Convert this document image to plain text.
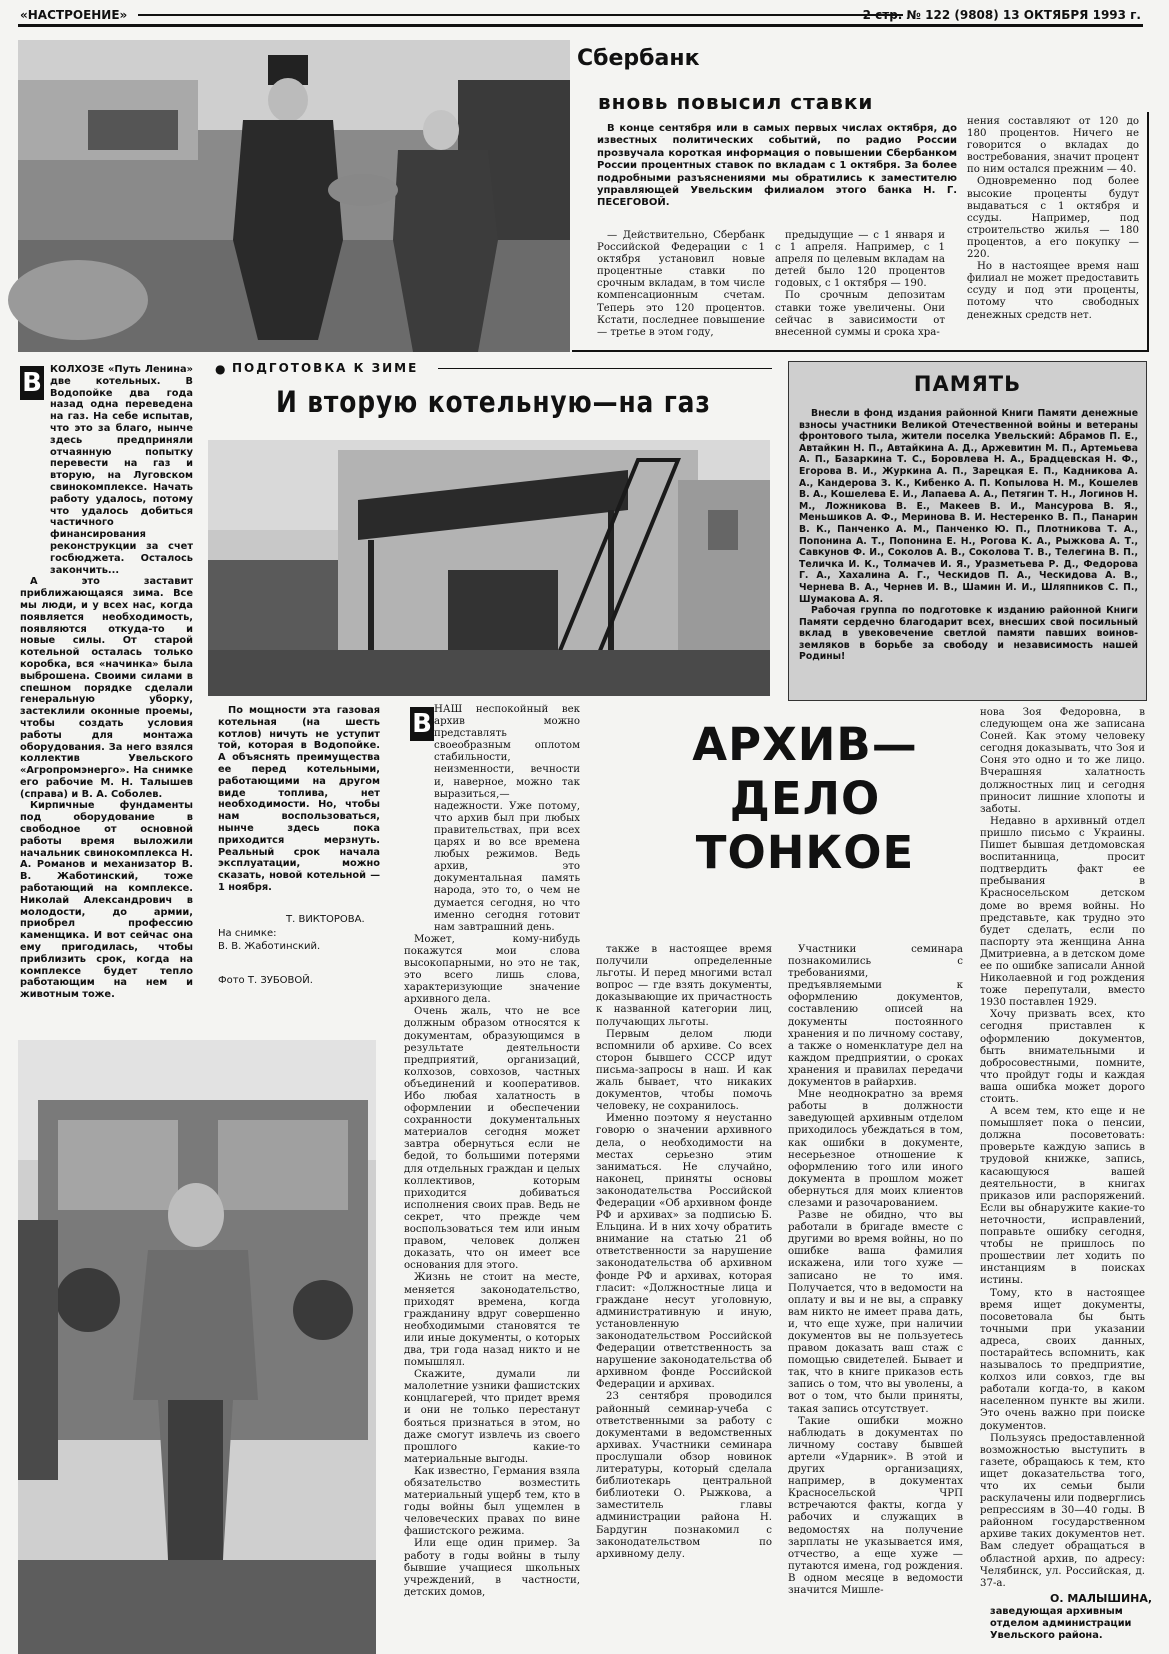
«НАСТРОЕНИЕ»	2 стр. № 122 (9808) 13 ОКТЯБРЯ 1993 г.
Сбербанк
вновь повысил ставки

В конце сентября или в самых первых числах октября, до известных политических событий, по радио России прозвучала короткая информация о повышении Сбербанком России процентных ставок по вкладам с 1 октября. За более подробными разъяснениями мы обратились к заместителю управляющей Увельским филиалом этого банка Н. Г. ПЕСЕГОВОЙ.

— Действительно, Сбербанк Российской Федерации с 1 октября установил новые процентные ставки по срочным вкладам, в том числе компенсационным счетам. Теперь это 120 процентов. Кстати, последнее повышение — третье в этом году,

предыдущие — с 1 января и с 1 апреля. Например, с 1 апреля по целевым вкладам на детей было 120 процентов годовых, с 1 октября — 190.

По срочным депозитам ставки тоже увеличены. Они сейчас в зависимости от внесенной суммы и срока хра-

нения составляют от 120 до 180 процентов. Ничего не говорится о вкладах до востребования, значит процент по ним остался прежним — 40.

Одновременно под более высокие проценты будут выдаваться с 1 октября и ссуды. Например, под строительство жилья — 180 процентов, а его покупку — 220.

Но в настоящее время наш филиал не может предоставить ссуду и под эти проценты, потому что свободных денежных средств нет.

В КОЛХОЗЕ «Путь Ленина» две котельных. В Водопойке два года назад одна переведена на газ. На себе испытав, что это за благо, нынче здесь предприняли отчаянную попытку перевести на газ и вторую, на Луговском свинокомплексе. Начать работу удалось, потому что удалось добиться частичного финансирования реконструкции за счет госбюджета. Осталось закончить...

А это заставит приближающаяся зима. Все мы люди, и у всех нас, когда появляется необходимость, появляются откуда-то и новые силы. От старой котельной осталась только коробка, вся «начинка» была выброшена. Своими силами в спешном порядке сделали генеральную уборку, застеклили оконные проемы, чтобы создать условия работы для монтажа оборудования. За него взялся коллектив Увельского «Агропромэнерго». На снимке его рабочие М. Н. Талышев (справа) и В. А. Соболев.

Кирпичные фундаменты под оборудование в свободное от основной работы время выложили начальник свинокомплекса Н. А. Романов и механизатор В. В. Жаботинский, тоже работающий на комплексе. Николай Александрович в молодости, до армии, приобрел профессию каменщика. И вот сейчас она ему пригодилась, чтобы приблизить срок, когда на комплексе будет тепло работающим на нем и животным тоже.

● ПОДГОТОВКА К ЗИМЕ
И вторую котельную—на газ

По мощности эта газовая котельная (на шесть котлов) ничуть не уступит той, которая в Водопойке. А объяснять преимущества ее перед котельными, работающими на другом виде топлива, нет необходимости. Но, чтобы нам воспользоваться, нынче здесь пока приходится мерзнуть. Реальный срок начала эксплуатации, можно сказать, новой котельной — 1 ноября.

Т. ВИКТОРОВА.
На снимке:
В. В. Жаботинский.
Фото Т. ЗУБОВОЙ.
ПАМЯТЬ

Внесли в фонд издания районной Книги Памяти денежные взносы участники Великой Отечественной войны и ветераны фронтового тыла, жители поселка Увельский: Абрамов П. Е., Автайкин Н. П., Автайкина А. Д., Аржевитин М. П., Артемьева А. П., Базаркина Т. С., Боровлева Н. А., Брадцевская Н. Ф., Егорова В. И., Журкина А. П., Зарецкая Е. П., Кадникова А. А., Кандерова З. К., Кибенко А. П. Копылова Н. М., Кошелев В. А., Кошелева Е. И., Лапаева А. А., Петягин Т. Н., Логинов Н. М., Ложникова В. Е., Макеев В. И., Мансурова В. Я., Меньшиков А. Ф., Меринова В. И. Нестеренко В. П., Панарин В. К., Панченко А. М., Панченко Ю. П., Плотникова Т. А., Попонина А. Т., Попонина Е. Н., Рогова К. А., Рыжкова А. Т., Савкунов Ф. И., Соколов А. В., Соколова Т. В., Телегина В. П., Теличка И. К., Толмачев И. Я., Уразметьева Р. Д., Федорова Г. А., Хахалина А. Г., Ческидов П. А., Ческидова А. В., Чернева В. А., Чернев И. В., Шамин И. И., Шляпников С. П., Шумакова А. Я.

Рабочая группа по подготовке к изданию районной Книги Памяти сердечно благодарит всех, внесших свой посильный вклад в увековечение светлой памяти павших воинов-земляков в борьбе за свободу и независимость нашей Родины!

АРХИВ—
ДЕЛО
ТОНКОЕ
В НАШ неспокойный век архив можно представлять своеобразным оплотом стабильности, неизменности, вечности и, наверное, можно так выразиться,— надежности. Уже потому, что архив был при любых правительствах, при всех царях и во все времена любых режимов. Ведь архив, это документальная память народа, это то, о чем не думается сегодня, но что именно сегодня готовит нам завтрашний день.

Может, кому-нибудь покажутся мои слова высокопарными, но это не так, это всего лишь слова, характеризующие значение архивного дела.

Очень жаль, что не все должным образом относятся к документам, образующимся в результате деятельности предприятий, организаций, колхозов, совхозов, частных объединений и кооперативов. Ибо любая халатность в оформлении и обеспечении сохранности документальных материалов сегодня может завтра обернуться если не бедой, то большими потерями для отдельных граждан и целых коллективов, которым приходится добиваться исполнения своих прав. Ведь не секрет, что прежде чем воспользоваться тем или иным правом, человек должен доказать, что он имеет все основания для этого.

Жизнь не стоит на месте, меняется законодательство, приходят времена, когда гражданину вдруг совершенно необходимыми становятся те или иные документы, о которых два, три года назад никто и не помышлял.

Скажите, думали ли малолетние узники фашистских концлагерей, что придет время и они не только перестанут бояться признаться в этом, но даже смогут извлечь из своего прошлого какие-то материальные выгоды.

Как известно, Германия взяла обязательство возместить материальный ущерб тем, кто в годы войны был ущемлен в человеческих правах по вине фашистского режима.

Или еще один пример. За работу в годы войны в тылу бывшие учащиеся школьных учреждений, в частности, детских домов,

также в настоящее время получили определенные льготы. И перед многими встал вопрос — где взять документы, доказывающие их причастность к названной категории лиц, получающих льготы.

Первым делом люди вспомнили об архиве. Со всех сторон бывшего СССР идут письма-запросы в наш. И как жаль бывает, что никаких документов, чтобы помочь человеку, не сохранилось.

Именно поэтому я неустанно говорю о значении архивного дела, о необходимости на местах серьезно этим заниматься. Не случайно, наконец, приняты основы законодательства Российской Федерации «Об архивном фонде РФ и архивах» за подписью Б. Ельцина. И в них хочу обратить внимание на статью 21 об ответственности за нарушение законодательства об архивном фонде РФ и архивах, которая гласит: «Должностные лица и граждане несут уголовную, административную и иную, установленную законодательством Российской Федерации ответственность за нарушение законодательства об архивном фонде Российской Федерации и архивах.

23 сентября проводился районный семинар-учеба с ответственными за работу с документами в ведомственных архивах. Участники семинара прослушали обзор новинок литературы, который сделала библиотекарь центральной библиотеки О. Рыжкова, а заместитель главы администрации района Н. Бардугин познакомил с законодательством по архивному делу.

Участники семинара познакомились с требованиями, предъявляемыми к оформлению документов, составлению описей на документы постоянного хранения и по личному составу, а также о номенклатуре дел на каждом предприятии, о сроках хранения и правилах передачи документов в райархив.

Мне неоднократно за время работы в должности заведующей архивным отделом приходилось убеждаться в том, как ошибки в документе, несерьезное отношение к оформлению того или иного документа в прошлом может обернуться для моих клиентов слезами и разочарованием.

Разве не обидно, что вы работали в бригаде вместе с другими во время войны, но по ошибке ваша фамилия искажена, или того хуже — записано не то имя. Получается, что в ведомости на оплату и вы и не вы, а справку вам никто не имеет права дать, и, что еще хуже, при наличии документов вы не пользуетесь правом доказать ваш стаж с помощью свидетелей. Бывает и так, что в книге приказов есть запись о том, что вы уволены, а вот о том, что были приняты, такая запись отсутствует.

Такие ошибки можно наблюдать в документах по личному составу бывшей артели «Ударник». В этой и других организациях, например, в документах Красносельской ЧРП встречаются факты, когда у рабочих и служащих в ведомостях на получение зарплаты не указывается имя, отчество, а еще хуже — путаются имена, год рождения. В одном месяце в ведомости значится Мишле-

нова Зоя Федоровна, в следующем она же записана Соней. Как этому человеку сегодня доказывать, что Зоя и Соня это одно и то же лицо. Вчерашняя халатность должностных лиц и сегодня приносит лишние хлопоты и заботы.

Недавно в архивный отдел пришло письмо с Украины. Пишет бывшая детдомовская воспитанница, просит подтвердить факт ее пребывания в Красносельском детском доме во время войны. Но представьте, как трудно это будет сделать, если по паспорту эта женщина Анна Дмитриевна, а в детском доме ее по ошибке записали Анной Николаевной и год рождения тоже перепутали, вместо 1930 поставлен 1929.

Хочу призвать всех, кто сегодня приставлен к оформлению документов, быть внимательными и добросовестными, помните, что пройдут годы и каждая ваша ошибка может дорого стоить.

А всем тем, кто еще и не помышляет пока о пенсии, должна посоветовать: проверьте каждую запись в трудовой книжке, запись, касающуюся вашей деятельности, в книгах приказов или распоряжений. Если вы обнаружите какие-то неточности, исправлений, поправьте ошибку сегодня, чтобы не пришлось по прошествии лет ходить по инстанциям в поисках истины.

Тому, кто в настоящее время ищет документы, посоветовала бы быть точными при указании адреса, своих данных, постарайтесь вспомнить, как называлось то предприятие, колхоз или совхоз, где вы работали когда-то, в каком населенном пункте вы жили. Это очень важно при поиске документов.

Пользуясь предоставленной возможностью выступить в газете, обращаюсь к тем, кто ищет доказательства того, что их семьи были раскулачены или подверглись репрессиям в 30—40 годы. В районном государственном архиве таких документов нет. Вам следует обращаться в областной архив, по адресу: Челябинск, ул. Российская, д. 37-а.

О. МАЛЫШИНА,
заведующая архивным отделом администрации Увельского района.
